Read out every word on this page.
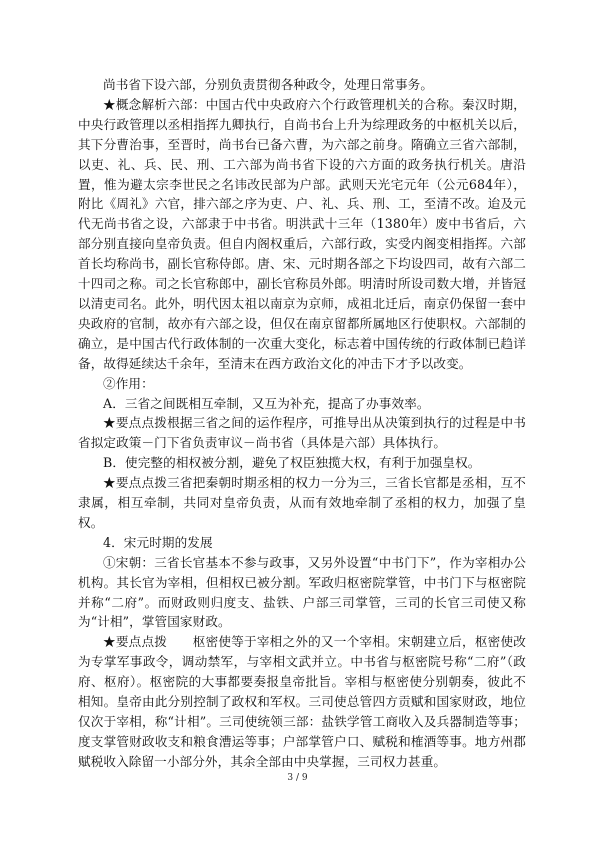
尚书省下设六部，分别负责贯彻各种政令，处理日常事务。

★概念解析六部：中国古代中央政府六个行政管理机关的合称。秦汉时期，中央行政管理以丞相指挥九卿执行，自尚书台上升为综理政务的中枢机关以后，其下分曹治事，至晋时，尚书台已备六曹，为六部之前身。隋确立三省六部制，以吏、礼、兵、民、刑、工六部为尚书省下设的六方面的政务执行机关。唐沿置，惟为避太宗李世民之名讳改民部为户部。武则天光宅元年（公元684年），附比《周礼》六官，排六部之序为吏、户、礼、兵、刑、工，至清不改。迨及元代无尚书省之设，六部隶于中书省。明洪武十三年（1380年）废中书省后，六部分别直接向皇帝负责。但自内阁权重后，六部行政，实受内阁变相指挥。六部首长均称尚书，副长官称侍郎。唐、宋、元时期各部之下均设四司，故有六部二十四司之称。司之长官称郎中，副长官称员外郎。明清时所设司数大增，并皆冠以清吏司名。此外，明代因太祖以南京为京师，成祖北迁后，南京仍保留一套中央政府的官制，故亦有六部之设，但仅在南京留都所属地区行使职权。六部制的确立，是中国古代行政体制的一次重大变化，标志着中国传统的行政体制已趋详备，故得延续达千余年，至清末在西方政治文化的冲击下才予以改变。

②作用：

A．三省之间既相互牵制，又互为补充，提高了办事效率。

★要点点拨根据三省之间的运作程序，可推导出从决策到执行的过程是中书省拟定政策－门下省负责审议－尚书省（具体是六部）具体执行。

B．使完整的相权被分割，避免了权臣独揽大权，有利于加强皇权。

★要点点拨三省把秦朝时期丞相的权力一分为三，三省长官都是丞相，互不隶属，相互牵制，共同对皇帝负责，从而有效地牵制了丞相的权力，加强了皇权。

4．宋元时期的发展

①宋朝：三省长官基本不参与政事，又另外设置“中书门下”，作为宰相办公机构。其长官为宰相，但相权已被分割。军政归枢密院掌管，中书门下与枢密院并称“二府”。而财政则归度支、盐铁、户部三司掌管，三司的长官三司使又称为“计相”，掌管国家财政。

★要点点拨　　枢密使等于宰相之外的又一个宰相。宋朝建立后，枢密使改为专掌军事政令，调动禁军，与宰相文武并立。中书省与枢密院号称“二府”（政府、枢府）。枢密院的大事都要奏报皇帝批旨。宰相与枢密使分别朝奏，彼此不相知。皇帝由此分别控制了政权和军权。三司使总管四方贡赋和国家财政，地位仅次于宰相，称“计相”。三司使统领三部：盐铁学管工商收入及兵器制造等事；度支掌管财政收支和粮食漕运等事；户部掌管户口、赋税和榷酒等事。地方州郡赋税收入除留一小部分外，其余全部由中央掌握，三司权力甚重。

3 / 9
